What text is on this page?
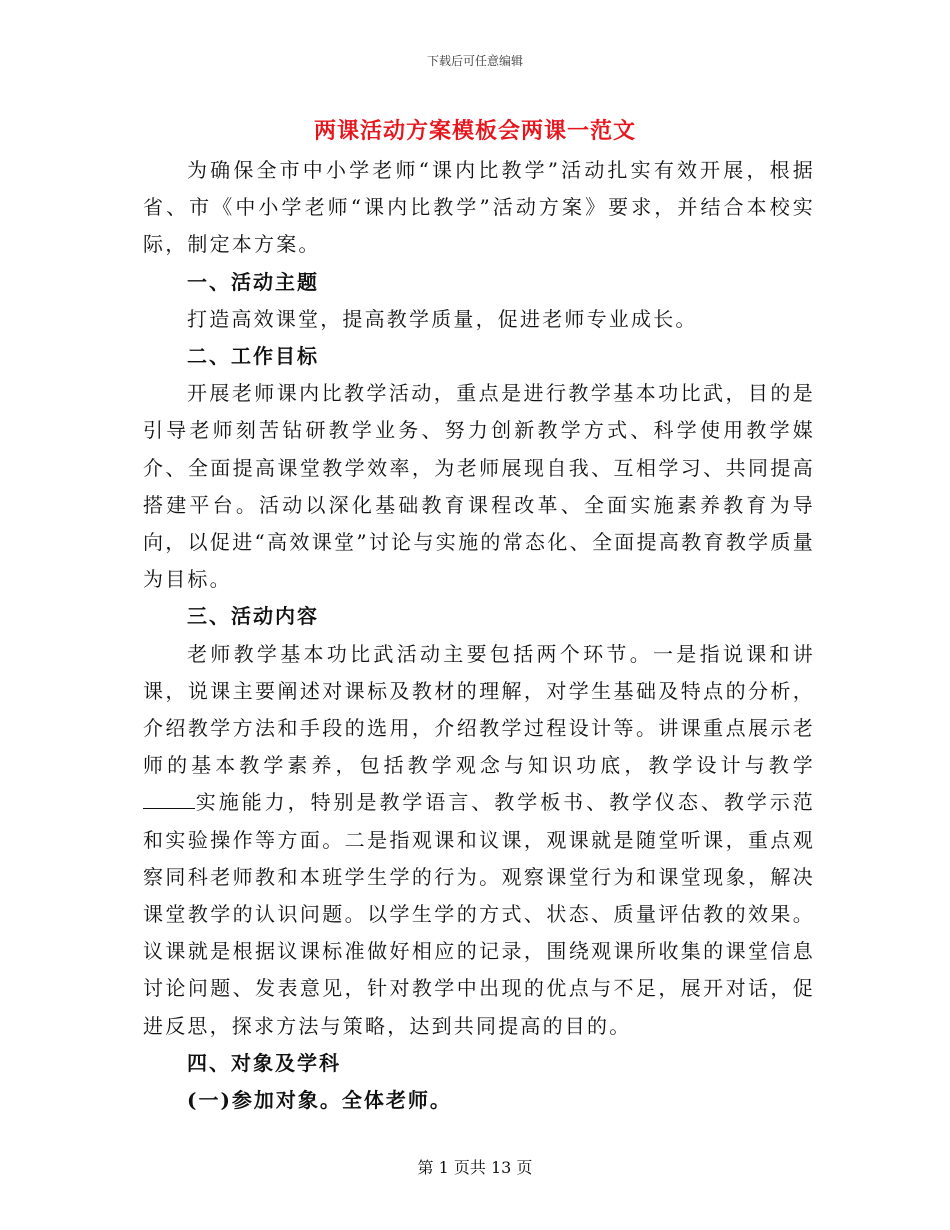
下载后可任意编辑
两课活动方案模板会两课一范文

为确保全市中小学老师“课内比教学”活动扎实有效开展，根据省、市《中小学老师“课内比教学”活动方案》要求，并结合本校实际，制定本方案。

一、活动主题

打造高效课堂，提高教学质量，促进老师专业成长。

二、工作目标

开展老师课内比教学活动，重点是进行教学基本功比武，目的是引导老师刻苦钻研教学业务、努力创新教学方式、科学使用教学媒介、全面提高课堂教学效率，为老师展现自我、互相学习、共同提高搭建平台。活动以深化基础教育课程改革、全面实施素养教育为导向，以促进“高效课堂”讨论与实施的常态化、全面提高教育教学质量为目标。

三、活动内容

老师教学基本功比武活动主要包括两个环节。一是指说课和讲课，说课主要阐述对课标及教材的理解，对学生基础及特点的分析，介绍教学方法和手段的选用，介绍教学过程设计等。讲课重点展示老师的基本教学素养，包括教学观念与知识功底，教学设计与教学实施能力，特别是教学语言、教学板书、教学仪态、教学示范和实验操作等方面。二是指观课和议课，观课就是随堂听课，重点观察同科老师教和本班学生学的行为。观察课堂行为和课堂现象，解决课堂教学的认识问题。以学生学的方式、状态、质量评估教的效果。议课就是根据议课标准做好相应的记录，围绕观课所收集的课堂信息讨论问题、发表意见，针对教学中出现的优点与不足，展开对话，促进反思，探求方法与策略，达到共同提高的目的。

四、对象及学科

(一)参加对象。全体老师。

第 1 页共 13 页
